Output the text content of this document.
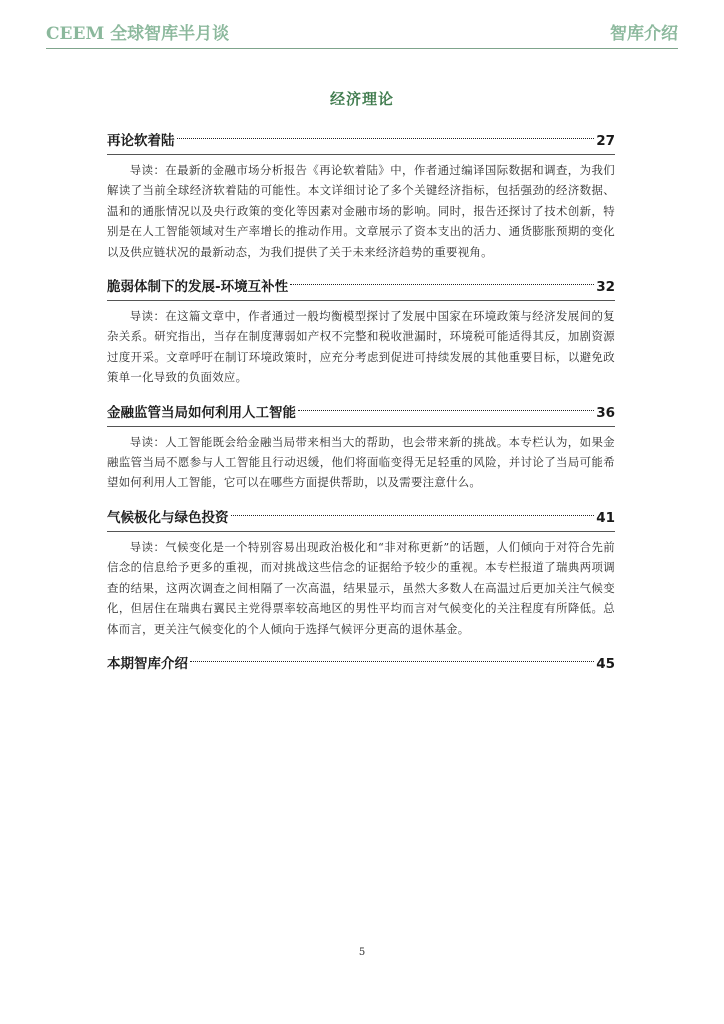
CEEM 全球智库半月谈	智库介绍
经济理论
再论软着陆	27
导读：在最新的金融市场分析报告《再论软着陆》中，作者通过编译国际数据和调查，为我们解读了当前全球经济软着陆的可能性。本文详细讨论了多个关键经济指标，包括强劲的经济数据、温和的通胀情况以及央行政策的变化等因素对金融市场的影响。同时，报告还探讨了技术创新，特别是在人工智能领域对生产率增长的推动作用。文章展示了资本支出的活力、通货膨胀预期的变化以及供应链状况的最新动态，为我们提供了关于未来经济趋势的重要视角。
脆弱体制下的发展-环境互补性	32
导读：在这篇文章中，作者通过一般均衡模型探讨了发展中国家在环境政策与经济发展间的复杂关系。研究指出，当存在制度薄弱如产权不完整和税收泄漏时，环境税可能适得其反，加剧资源过度开采。文章呼吁在制订环境政策时，应充分考虑到促进可持续发展的其他重要目标，以避免政策单一化导致的负面效应。
金融监管当局如何利用人工智能	36
导读：人工智能既会给金融当局带来相当大的帮助，也会带来新的挑战。本专栏认为，如果金融监管当局不愿参与人工智能且行动迟缓，他们将面临变得无足轻重的风险，并讨论了当局可能希望如何利用人工智能，它可以在哪些方面提供帮助，以及需要注意什么。
气候极化与绿色投资	41
导读：气候变化是一个特别容易出现政治极化和“非对称更新”的话题，人们倾向于对符合先前信念的信息给予更多的重视，而对挑战这些信念的证据给予较少的重视。本专栏报道了瑞典两项调查的结果，这两次调查之间相隔了一次高温，结果显示，虽然大多数人在高温过后更加关注气候变化，但居住在瑞典右翼民主党得票率较高地区的男性平均而言对气候变化的关注程度有所降低。总体而言，更关注气候变化的个人倾向于选择气候评分更高的退休基金。
本期智库介绍	45
5
